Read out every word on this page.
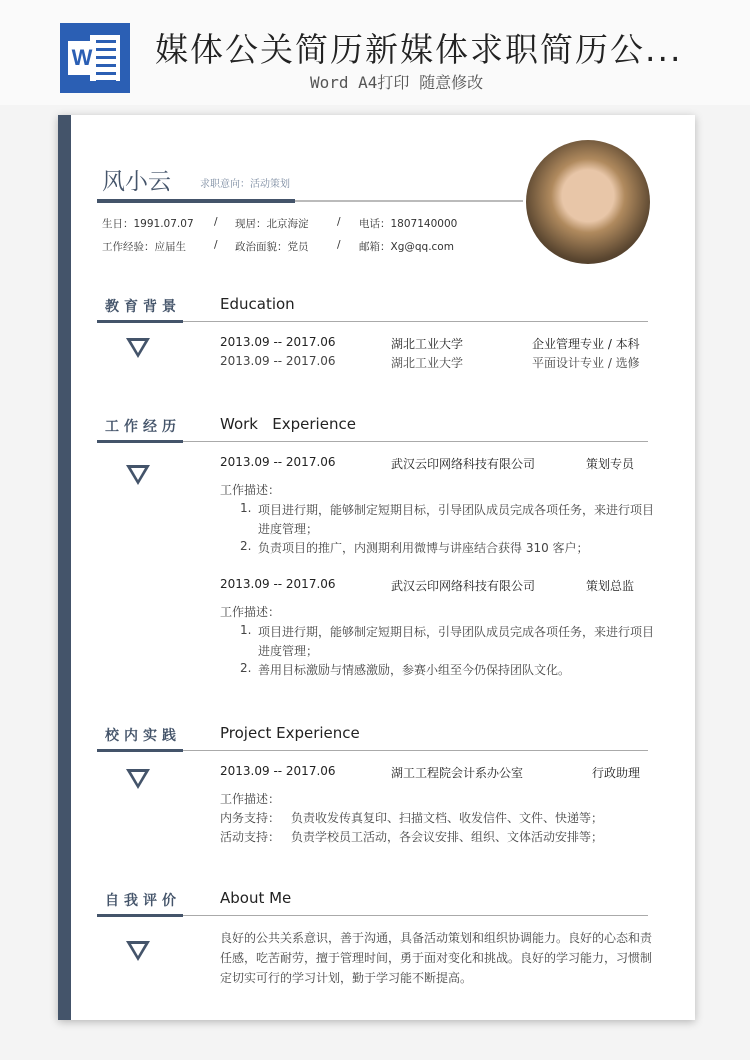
W 媒体公关简历新媒体求职简历公...
Word A4打印 随意修改
风小云	求职意向：活动策划
生日：1991.07.07 / 现居：北京海淀	/ 电话：1807140000
工作经验：应届生	/ 政治面貌：党员	/ 邮箱：Xg@qq.com
教育背景	Education
2013.09 -- 2017.06	湖北工业大学	企业管理专业 / 本科
2013.09 -- 2017.06	湖北工业大学	平面设计专业 / 选修
工作经历	Work   Experience
2013.09 -- 2017.06	武汉云印网络科技有限公司	策划专员
工作描述：
1. 项目进行期，能够制定短期目标，引导团队成员完成各项任务，来进行项目
进度管理；
2. 负责项目的推广，内测期利用微博与讲座结合获得 310 客户；
2013.09 -- 2017.06	武汉云印网络科技有限公司	策划总监
工作描述：
1. 项目进行期，能够制定短期目标，引导团队成员完成各项任务，来进行项目
进度管理；
2. 善用目标激励与情感激励，参赛小组至今仍保持团队文化。
校内实践	Project Experience
2013.09 -- 2017.06	湖工工程院会计系办公室	行政助理
工作描述：
内务支持： 负责收发传真复印、扫描文档、收发信件、文件、快递等；
活动支持： 负责学校员工活动，各会议安排、组织、文体活动安排等；
自我评价	About Me
良好的公共关系意识，善于沟通，具备活动策划和组织协调能力。良好的心态和责
任感，吃苦耐劳，擅于管理时间，勇于面对变化和挑战。良好的学习能力，习惯制
定切实可行的学习计划，勤于学习能不断提高。
